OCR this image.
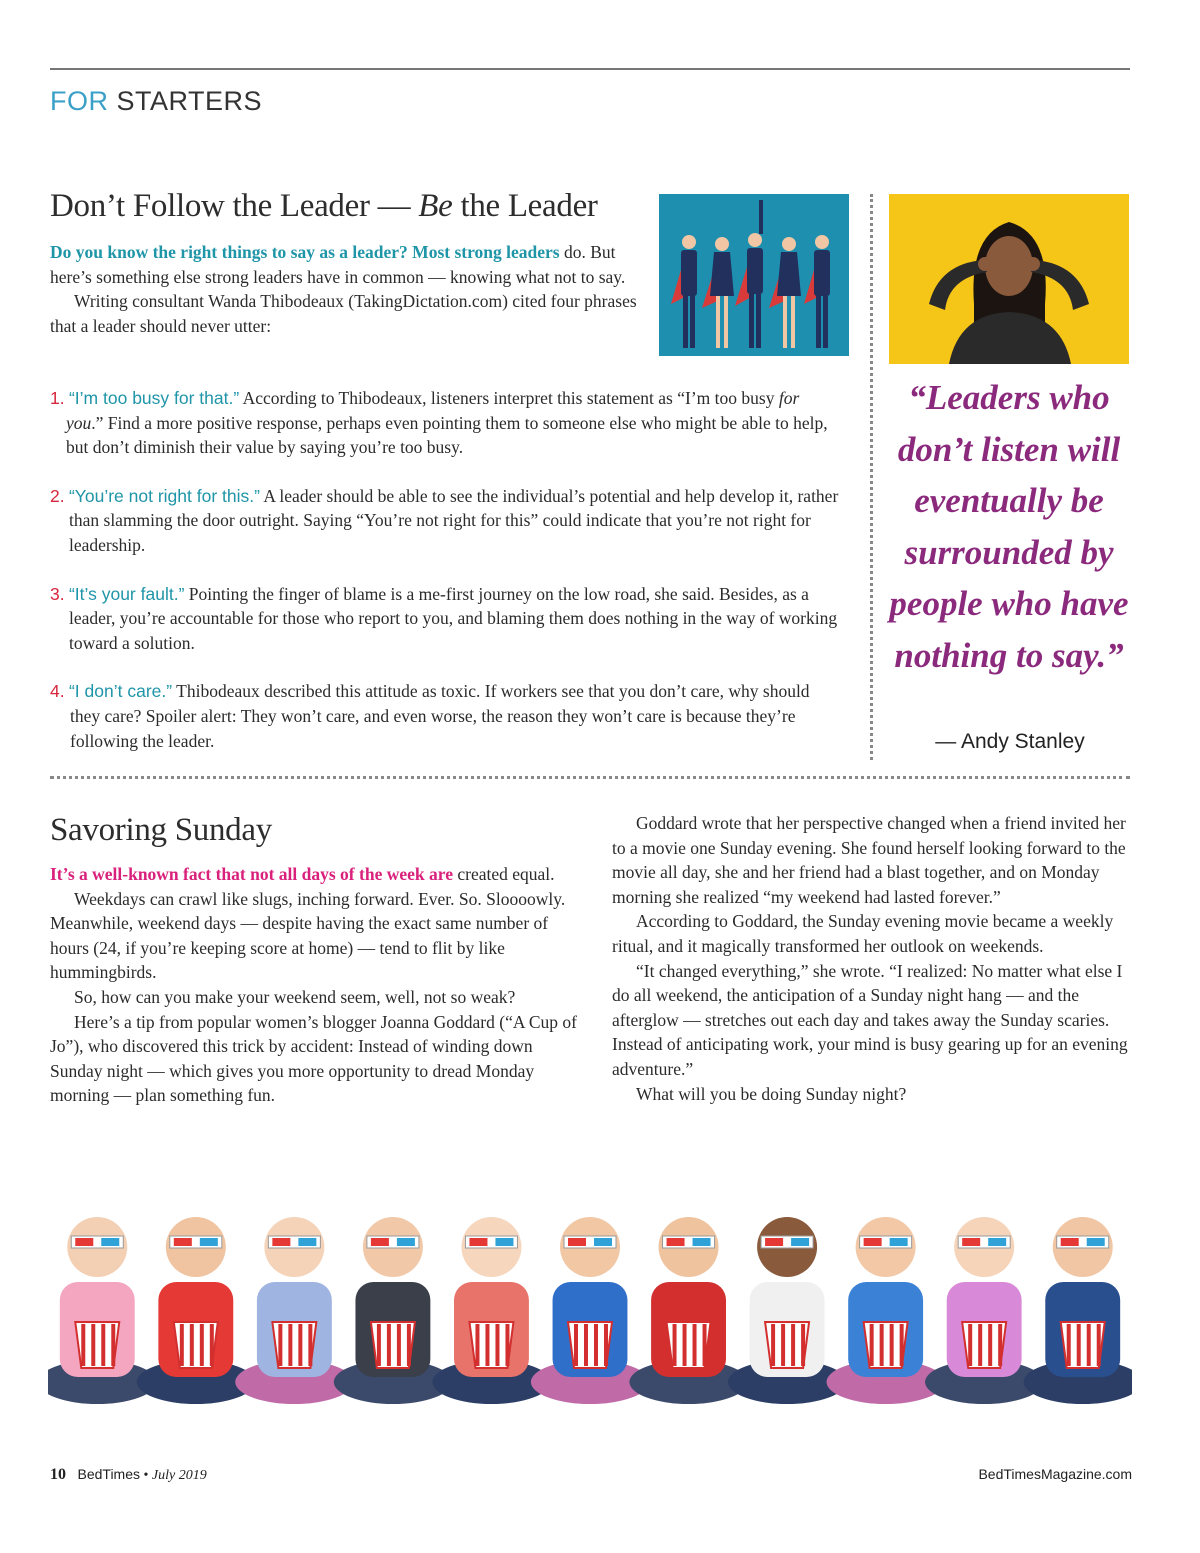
FOR STARTERS
Don’t Follow the Leader — Be the Leader

Do you know the right things to say as a leader? Most strong leaders do. But here’s something else strong leaders have in common — knowing what not to say.

Writing consultant Wanda Thibodeaux (TakingDictation.com) cited four phrases that a leader should never utter:

1. “I’m too busy for that.” According to Thibodeaux, listeners interpret this statement as “I’m too busy for you.” Find a more positive response, perhaps even pointing them to someone else who might be able to help, but don’t diminish their value by saying you’re too busy.
2. “You’re not right for this.” A leader should be able to see the individual’s potential and help develop it, rather than slamming the door outright. Saying “You’re not right for this” could indicate that you’re not right for leadership.
3. “It’s your fault.” Pointing the finger of blame is a me-first journey on the low road, she said. Besides, as a leader, you’re accountable for those who report to you, and blaming them does nothing in the way of working toward a solution.
4. “I don’t care.” Thibodeaux described this attitude as toxic. If workers see that you don’t care, why should they care? Spoiler alert: They won’t care, and even worse, the reason they won’t care is because they’re following the leader.
“Leaders who don’t listen will eventually be surrounded by people who have nothing to say.”
— Andy Stanley
Savoring Sunday

It’s a well-known fact that not all days of the week are created equal.

Weekdays can crawl like slugs, inching forward. Ever. So. Sloooowly. Meanwhile, weekend days — despite having the exact same number of hours (24, if you’re keeping score at home) — tend to flit by like hummingbirds.

So, how can you make your weekend seem, well, not so weak?

Here’s a tip from popular women’s blogger Joanna Goddard (“A Cup of Jo”), who discovered this trick by accident: Instead of winding down Sunday night — which gives you more opportunity to dread Monday morning — plan something fun.

Goddard wrote that her perspective changed when a friend invited her to a movie one Sunday evening. She found herself looking forward to the movie all day, she and her friend had a blast together, and on Monday morning she realized “my weekend had lasted forever.”

According to Goddard, the Sunday evening movie became a weekly ritual, and it magically transformed her outlook on weekends.

“It changed everything,” she wrote. “I realized: No matter what else I do all weekend, the anticipation of a Sunday night hang — and the afterglow — stretches out each day and takes away the Sunday scaries. Instead of anticipating work, your mind is busy gearing up for an evening adventure.”

What will you be doing Sunday night?

10 BedTimes • July 2019	BedTimesMagazine.com
